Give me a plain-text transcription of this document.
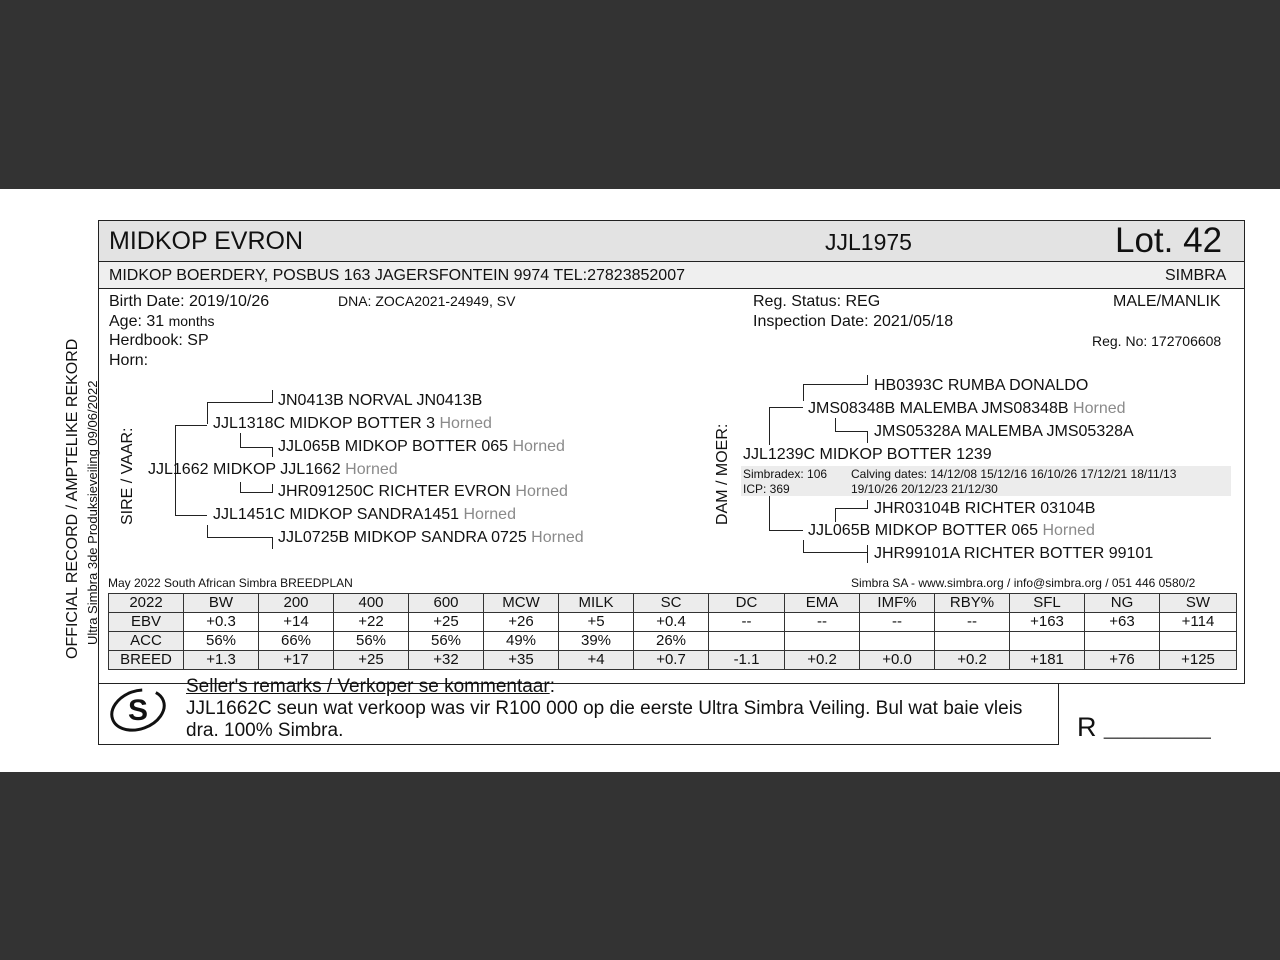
MIDKOP EVRON	JJL1975	Lot. 42
MIDKOP BOERDERY, POSBUS 163 JAGERSFONTEIN 9974 TEL:27823852007	SIMBRA
Birth Date: 2019/10/26	DNA: ZOCA2021-24949, SV
Age: 31 months
Herdbook: SP
Horn:
Reg. Status: REG
Inspection Date: 2021/05/18
MALE/MANLIK
Reg. No: 172706608
OFFICIAL RECORD / AMPTELIKE REKORD Ultra Simbra 3de Produksieveiling 09/06/2022 SIRE / VAAR:
JN0413B NORVAL JN0413B
JJL1318C MIDKOP BOTTER 3 Horned
JJL065B MIDKOP BOTTER 065 Horned
JJL1662 MIDKOP JJL1662 Horned
JHR091250C RICHTER EVRON Horned
JJL1451C MIDKOP SANDRA1451 Horned
JJL0725B MIDKOP SANDRA 0725 Horned
DAM / MOER:
HB0393C RUMBA DONALDO
JMS08348B MALEMBA JMS08348B Horned
JMS05328A MALEMBA JMS05328A
JJL1239C MIDKOP BOTTER 1239
Simbradex: 106
ICP: 369
Calving dates: 14/12/08 15/12/16 16/10/26 17/12/21 18/11/13
19/10/26 20/12/23 21/12/30
JHR03104B RICHTER 03104B
JJL065B MIDKOP BOTTER 065 Horned
JHR99101A RICHTER BOTTER 99101
May 2022 South African Simbra BREEDPLAN	Simbra SA - www.simbra.org / info@simbra.org / 051 446 0580/2
2022	BW	200	400	600	MCW	MILK	SC	DC	EMA	IMF%	RBY%	SFL	NG	SW
EBV	+0.3	+14	+22	+25	+26	+5	+0.4	--	--	--	--	+163	+63	+114
ACC	56%	66%	56%	56%	49%	39%	26%							
BREED	+1.3	+17	+25	+32	+35	+4	+0.7	-1.1	+0.2	+0.0	+0.2	+181	+76	+125
S
Seller's remarks / Verkoper se kommentaar:
JJL1662C seun wat verkoop was vir R100 000 op die eerste Ultra Simbra Veiling. Bul wat baie vleis
dra. 100% Simbra.	R ________
